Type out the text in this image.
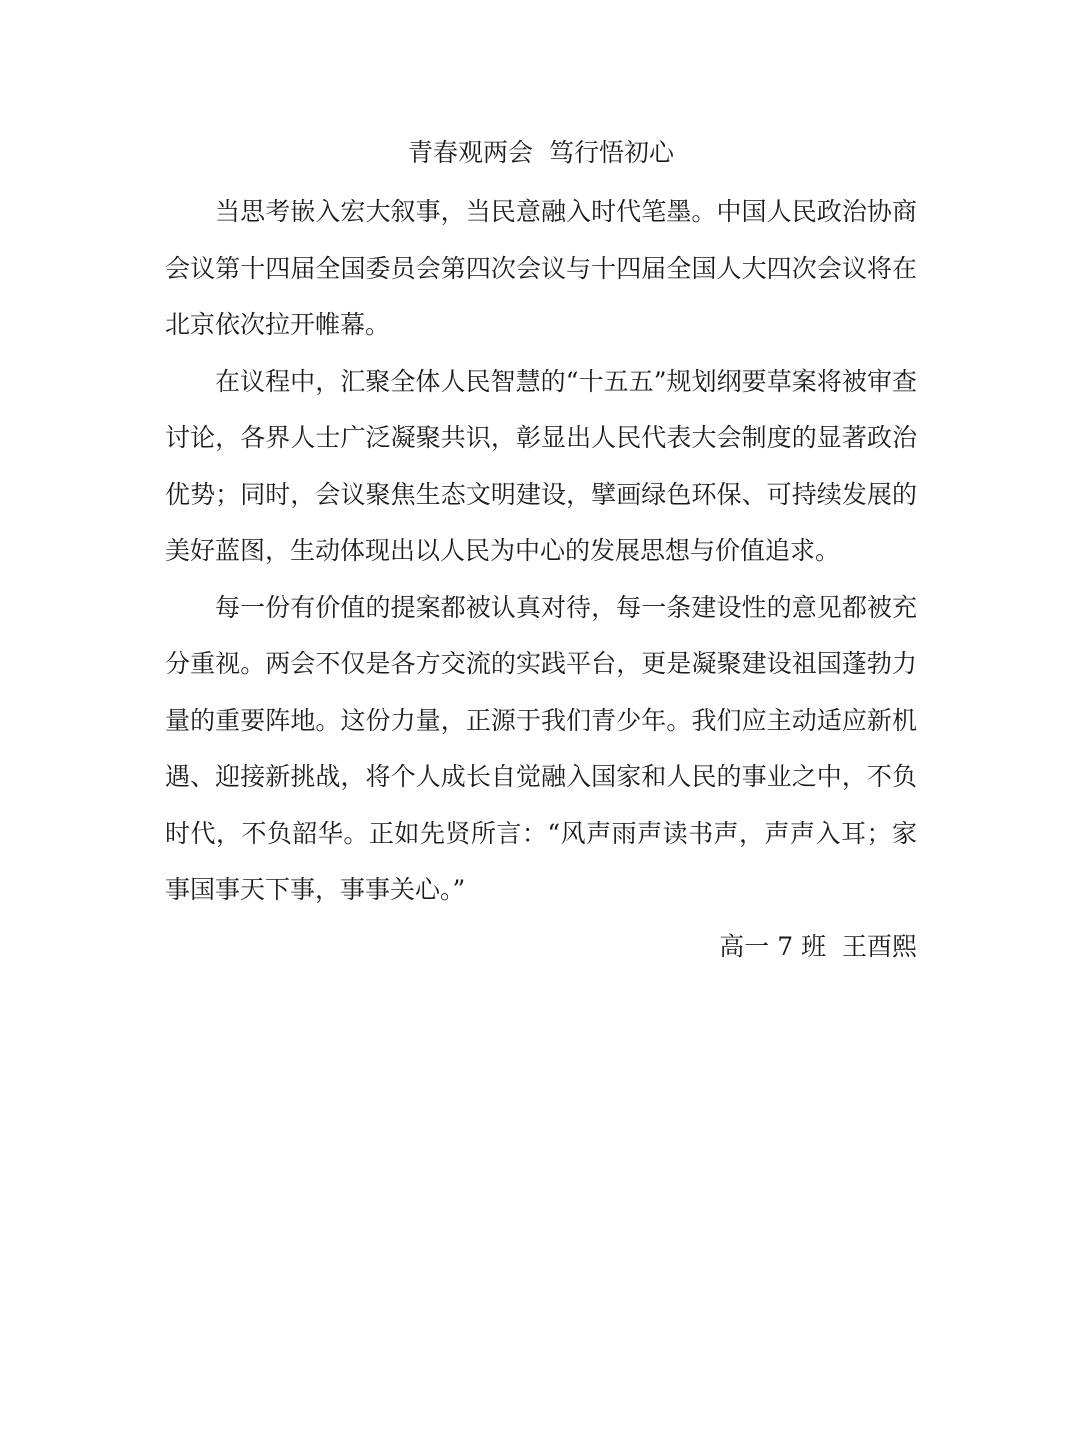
青春观两会  笃行悟初心

当思考嵌入宏大叙事，当民意融入时代笔墨。中国人民政治协商会议第十四届全国委员会第四次会议与十四届全国人大四次会议将在北京依次拉开帷幕。

在议程中，汇聚全体人民智慧的“十五五”规划纲要草案将被审查讨论，各界人士广泛凝聚共识，彰显出人民代表大会制度的显著政治优势；同时，会议聚焦生态文明建设，擘画绿色环保、可持续发展的美好蓝图，生动体现出以人民为中心的发展思想与价值追求。

每一份有价值的提案都被认真对待，每一条建设性的意见都被充分重视。两会不仅是各方交流的实践平台，更是凝聚建设祖国蓬勃力量的重要阵地。这份力量，正源于我们青少年。我们应主动适应新机遇、迎接新挑战，将个人成长自觉融入国家和人民的事业之中，不负时代，不负韶华。正如先贤所言：“风声雨声读书声，声声入耳；家事国事天下事，事事关心。”

高一 7 班  王酉熙
